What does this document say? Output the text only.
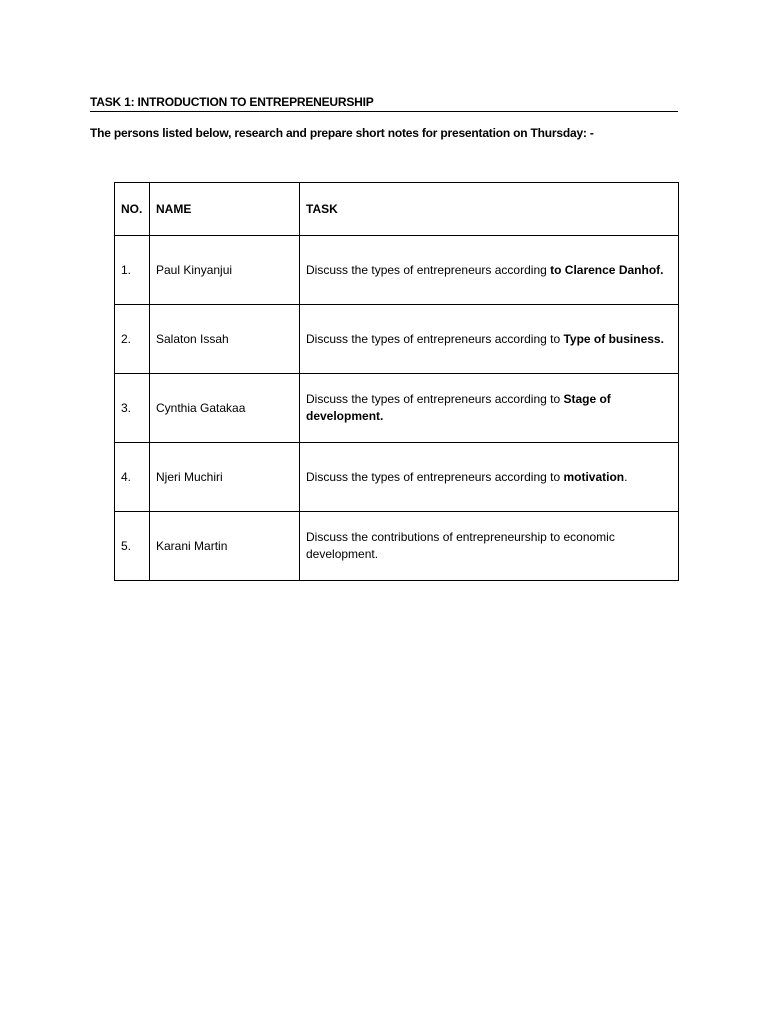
TASK 1: INTRODUCTION TO ENTREPRENEURSHIP
The persons listed below, research and prepare short notes for presentation on Thursday: -
NO.	NAME	TASK
1.	Paul Kinyanjui	Discuss the types of entrepreneurs according to Clarence Danhof.
2.	Salaton Issah	Discuss the types of entrepreneurs according to Type of business.
3.	Cynthia Gatakaa	Discuss the types of entrepreneurs according to Stage of development.
4.	Njeri Muchiri	Discuss the types of entrepreneurs according to motivation.
5.	Karani Martin	Discuss the contributions of entrepreneurship to economic development.
